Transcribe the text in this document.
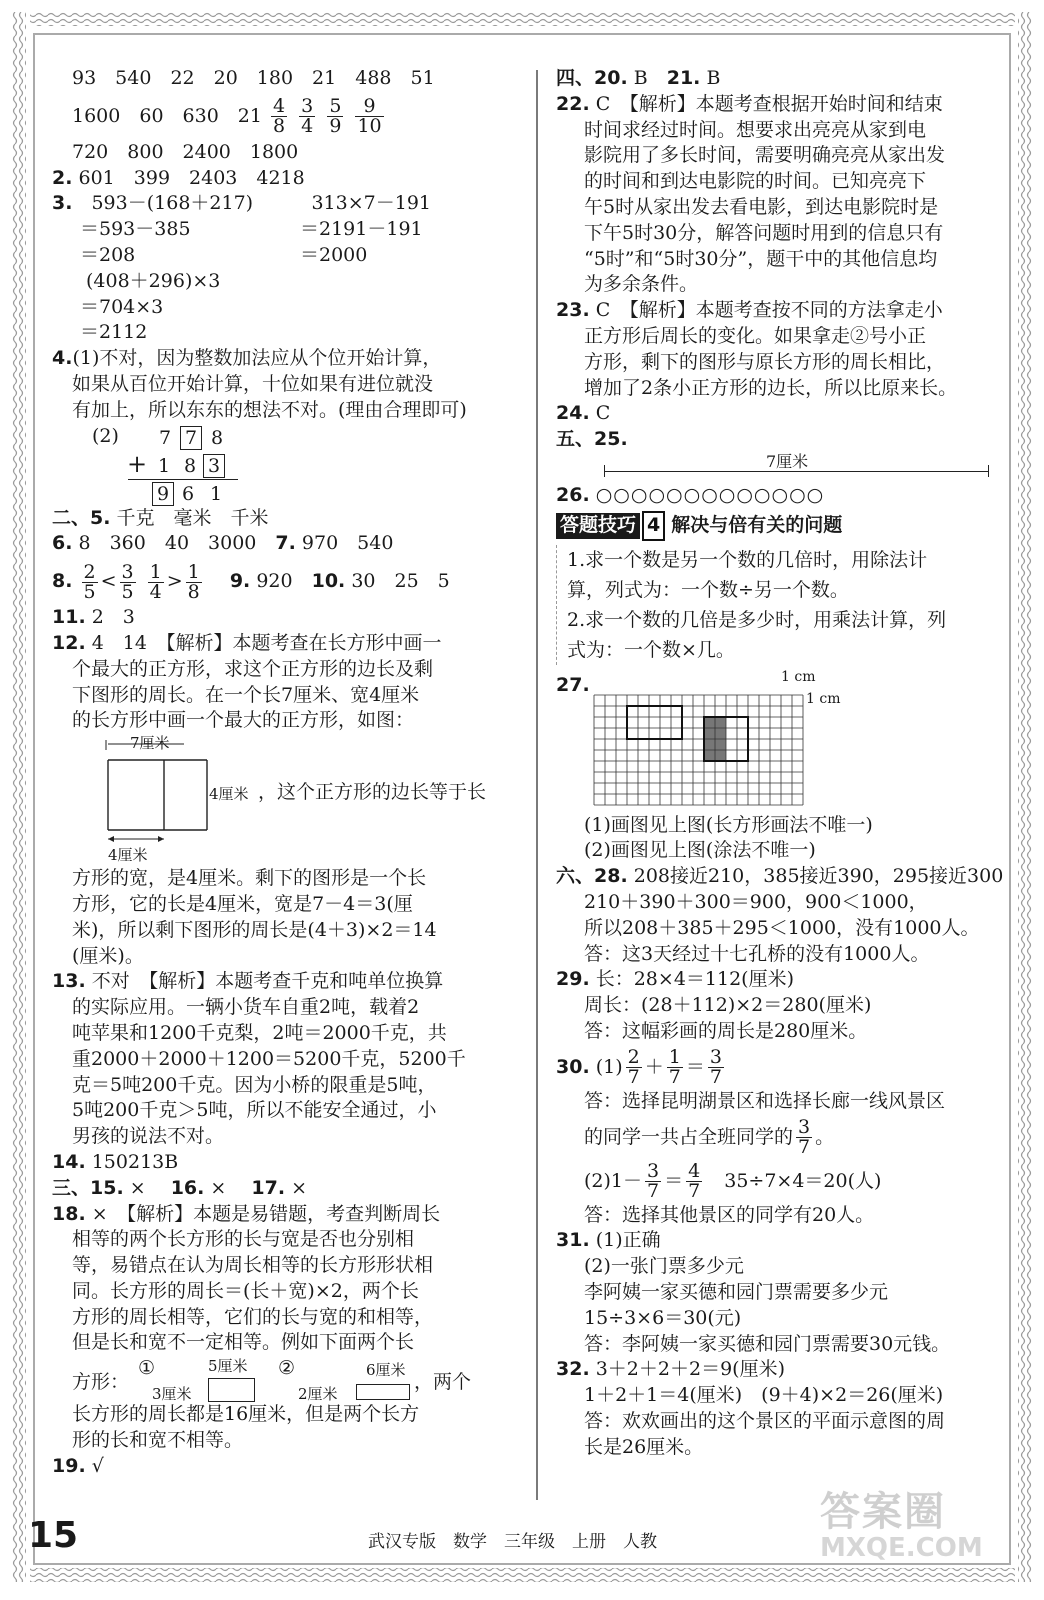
93　540　22　20　180　21　488　51
1600　60　630　$21 \frac{4}{8}$
$\frac{3}{4}$
$\frac{5}{9}$
$\frac{9}{10}$
720　800　2400　1800
2. 601　399　2403　4218
3.　 593－(168＋217)	313×7－191
＝593－385	＝2191－191
＝208	＝2000
(408＋296)×3
＝704×3
＝2112
4.(1)不对，因为整数加法应从个位开始计算，
如果从百位开始计算，十位如果有进位就没
有加上，所以东东的想法不对。(理由合理即可)
(2)	7 7 8
+ 1 8 3
9 6 1
二、5. 千克　毫米　千米
6. 8　360　40　3000　 7. 970　540
8. $\frac{2}{5} < \frac{3}{5}$
$\frac{1}{4} > \frac{1}{8}$
　 9. 920　 10. 30　25　5
11. 2　3
12. 4　14　【解析】本题考查在长方形中画一
个最大的正方形，求这个正方形的边长及剩
下图形的周长。在一个长7厘米、宽4厘米
的长方形中画一个最大的正方形，如图：
7厘米
4厘米 ，这个正方形的边长等于长
4厘米
方形的宽，是4厘米。剩下的图形是一个长
方形，它的长是4厘米，宽是7－4＝3(厘
米)，所以剩下图形的周长是(4＋3)×2＝14
(厘米)。
13. 不对　【解析】本题考查千克和吨单位换算
的实际应用。一辆小货车自重2吨，载着2
吨苹果和1200千克梨，2吨＝2000千克，共
重2000＋2000＋1200＝5200千克，5200千
克＝5吨200千克。因为小桥的限重是5吨，
5吨200千克＞5吨，所以不能安全通过，小
男孩的说法不对。
14. 150213B
三、15. ×　 16. ×　 17. ×
18. ×　【解析】本题是易错题，考查判断周长
相等的两个长方形的长与宽是否也分别相
等，易错点在认为周长相等的长方形形状相
同。长方形的周长＝(长＋宽)×2，两个长
方形的周长相等，它们的长与宽的和相等，
但是长和宽不一定相等。例如下面两个长
方形：
①
3厘米
5厘米 ②
2厘米
6厘米
，两个
长方形的周长都是16厘米，但是两个长方
形的长和宽不相等。
19. √
四、20. B　 21. B
22. C　【解析】本题考查根据开始时间和结束
时间求经过时间。想要求出亮亮从家到电
影院用了多长时间，需要明确亮亮从家出发
的时间和到达电影院的时间。已知亮亮下
午5时从家出发去看电影，到达电影院时是
下午5时30分，解答问题时用到的信息只有
“5时”和“5时30分”，题干中的其他信息均
为多余条件。
23. C　【解析】本题考查按不同的方法拿走小
正方形后周长的变化。如果拿走②号小正
方形，剩下的图形与原长方形的周长相比，
增加了2条小正方形的边长，所以比原来长。
24. C
五、25.
7厘米
26. ○○○○○○○○○○○○○
答题技巧 4 解决与倍有关的问题
1.求一个数是另一个数的几倍时，用除法计
算，列式为：一个数÷另一个数。
2.求一个数的几倍是多少时，用乘法计算，列
式为：一个数×几。
27.	1 cm
1 cm
(1)画图见上图(长方形画法不唯一)
(2)画图见上图(涂法不唯一)
六、28. 208接近210，385接近390，295接近300
210＋390＋300＝900，900＜1000，
所以208＋385＋295＜1000，没有1000人。
答：这3天经过十七孔桥的没有1000人。
29. 长：28×4＝112(厘米)
周长：(28＋112)×2＝280(厘米)
答：这幅彩画的周长是280厘米。
30. $(1) \frac{2}{7} + \frac{1}{7} = \frac{3}{7}$
答：选择昆明湖景区和选择长廊一线风景区
的同学一共占全班同学的 $\frac{3}{7}$ 。
$(2)1- \frac{3}{7} = \frac{4}{7}$
　 35÷7×4＝20(人)
答：选择其他景区的同学有20人。
31. (1)正确
(2)一张门票多少元
李阿姨一家买德和园门票需要多少元
15÷3×6＝30(元)
答：李阿姨一家买德和园门票需要30元钱。
32. 3＋2＋2＋2＝9(厘米)
1＋2＋1＝4(厘米)　(9＋4)×2＝26(厘米)
答：欢欢画出的这个景区的平面示意图的周
长是26厘米。
15	武汉专版　数学　三年级　上册　人教
答案圈
MXQE.COM
